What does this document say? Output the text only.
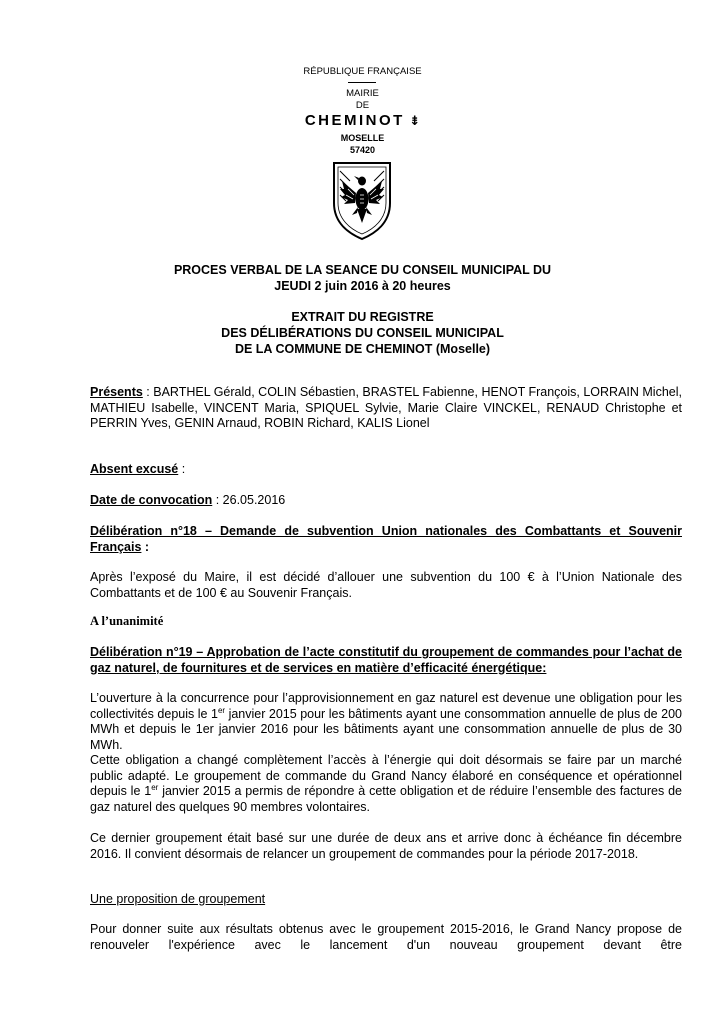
RÉPUBLIQUE FRANÇAISE
MAIRIE
DE
CHEMINOT ⇟
MOSELLE
57420
PROCES VERBAL DE LA SEANCE DU CONSEIL MUNICIPAL DU
JEUDI 2 juin 2016 à 20 heures
EXTRAIT DU REGISTRE
DES DÉLIBÉRATIONS DU CONSEIL MUNICIPAL
DE LA COMMUNE DE CHEMINOT (Moselle)
Présents : BARTHEL Gérald, COLIN Sébastien, BRASTEL Fabienne, HENOT François, LORRAIN Michel, MATHIEU Isabelle, VINCENT Maria, SPIQUEL Sylvie, Marie Claire VINCKEL, RENAUD Christophe et PERRIN Yves, GENIN Arnaud, ROBIN Richard, KALIS Lionel
Absent excusé :
Date de convocation : 26.05.2016
Délibération n°18 – Demande de subvention Union nationales des Combattants et Souvenir Français :
Après l’exposé du Maire, il est décidé d’allouer une subvention du 100 € à l’Union Nationale des Combattants et de 100 € au Souvenir Français.
A l’unanimité
Délibération n°19 – Approbation de l’acte constitutif du groupement de commandes pour l’achat de gaz naturel, de fournitures et de services en matière d’efficacité énergétique:
L’ouverture à la concurrence pour l’approvisionnement en gaz naturel est devenue une obligation pour les collectivités depuis le 1er janvier 2015 pour les bâtiments ayant une consommation annuelle de plus de 200 MWh et depuis le 1er janvier 2016 pour les bâtiments ayant une consommation annuelle de plus de 30 MWh.
Cette obligation a changé complètement l’accès à l’énergie qui doit désormais se faire par un marché public adapté. Le groupement de commande du Grand Nancy élaboré en conséquence et opérationnel depuis le 1er janvier 2015 a permis de répondre à cette obligation et de réduire l’ensemble des factures de gaz naturel des quelques 90 membres volontaires.
Ce dernier groupement était basé sur une durée de deux ans et arrive donc à échéance fin décembre 2016. Il convient désormais de relancer un groupement de commandes pour la période 2017-2018.
Une proposition de groupement
Pour donner suite aux résultats obtenus avec le groupement 2015-2016, le Grand Nancy propose de renouveler l'expérience avec le lancement d'un nouveau groupement devant être
